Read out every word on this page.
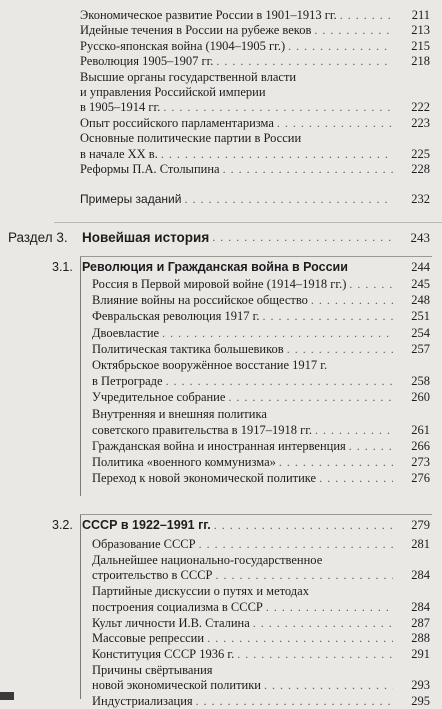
Экономическое развитие России в 1901–1913 гг.	211
. . .
Идейные течения в России на рубеже веков	213
. . .
Русско-японская война (1904–1905 гг.)	215
. . .
Революция 1905–1907 гг.	218
. . .
Высшие органы государственной власти
и управления Российской империи
в 1905–1914 гг.	222
. . .
Опыт российского парламентаризма	223
. . .
Основные политические партии в России
в начале XX в.	225
. . .
Реформы П.А. Столыпина	228
. . .
Примеры заданий . . .	232
Раздел 3. Новейшая история . . .	243
3.1. Революция и Гражданская война в России	244
Россия в Первой мировой войне (1914–1918 гг.)	245
. . .
Влияние войны на российское общество	248
. . .
Февральская революция 1917 г.	251
. . .
Двоевластие	254
. . .
Политическая тактика большевиков	257
. . .
Октябрьское вооружённое восстание 1917 г.
в Петрограде	258
. . .
Учредительное собрание	260
. . .
Внутренняя и внешняя политика
советского правительства в 1917–1918 гг.	261
. . .
Гражданская война и иностранная интервенция	266
. . .
Политика «военного коммунизма»	273
. . .
Переход к новой экономической политике	276
. . .
3.2. СССР в 1922–1991 гг. . . .	279
Образование СССР	281
. . .
Дальнейшее национально-государственное
строительство в СССР	284
. . .
Партийные дискуссии о путях и методах
построения социализма в СССР	284
. . .
Культ личности И.В. Сталина	287
. . .
Массовые репрессии	288
. . .
Конституция СССР 1936 г.	291
. . .
Причины свёртывания
новой экономической политики	293
. . .
Индустриализация	295
. . .
